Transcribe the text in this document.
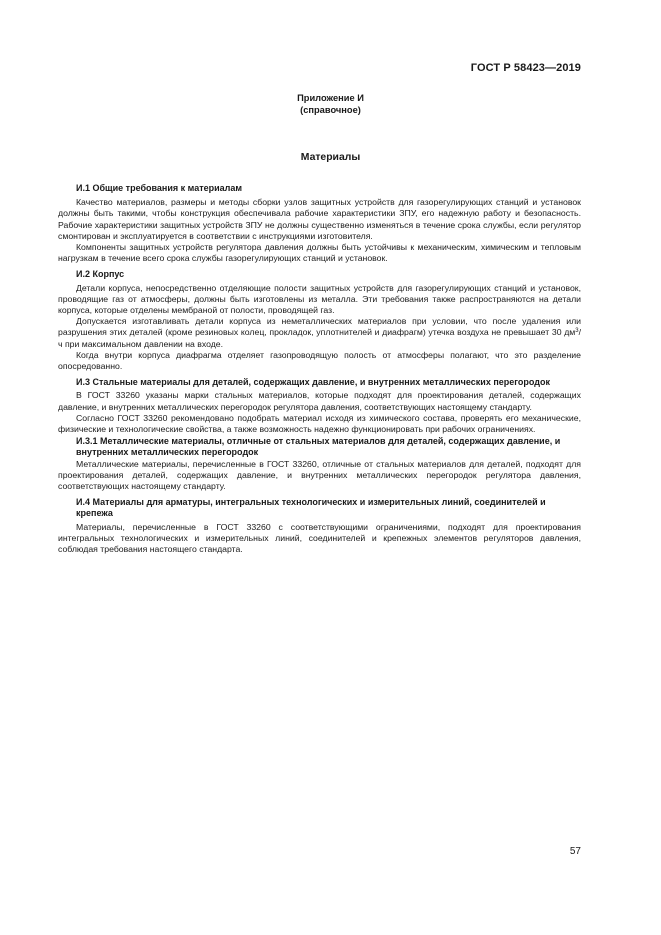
ГОСТ Р 58423—2019
Приложение И
(справочное)
Материалы
И.1 Общие требования к материалам

Качество материалов, размеры и методы сборки узлов защитных устройств для газорегулирующих станций и установок должны быть такими, чтобы конструкция обеспечивала рабочие характеристики ЗПУ, его надежную работу и безопасность. Рабочие характеристики защитных устройств ЗПУ не должны существенно изменяться в течение срока службы, если регулятор смонтирован и эксплуатируется в соответствии с инструкциями изготовителя.

Компоненты защитных устройств регулятора давления должны быть устойчивы к механическим, химическим и тепловым нагрузкам в течение всего срока службы газорегулирующих станций и установок.

И.2 Корпус

Детали корпуса, непосредственно отделяющие полости защитных устройств для газорегулирующих станций и установок, проводящие газ от атмосферы, должны быть изготовлены из металла. Эти требования также распространяются на детали корпуса, которые отделены мембраной от полости, проводящей газ.

Допускается изготавливать детали корпуса из неметаллических материалов при условии, что после удаления или разрушения этих деталей (кроме резиновых колец, прокладок, уплотнителей и диафрагм) утечка воздуха не превышает 30 $дм^3/ч$ при максимальном давлении на входе.

Когда внутри корпуса диафрагма отделяет газопроводящую полость от атмосферы полагают, что это разделение опосредованно.

И.3 Стальные материалы для деталей, содержащих давление, и внутренних металлических перегородок

В ГОСТ 33260 указаны марки стальных материалов, которые подходят для проектирования деталей, содержащих давление, и внутренних металлических перегородок регулятора давления, соответствующих настоящему стандарту.

Согласно ГОСТ 33260 рекомендовано подобрать материал исходя из химического состава, проверять его механические, физические и технологические свойства, а также возможность надежно функционировать при рабочих ограничениях.

И.3.1 Металлические материалы, отличные от стальных материалов для деталей, содержащих давление, и внутренних металлических перегородок

Металлические материалы, перечисленные в ГОСТ 33260, отличные от стальных материалов для деталей, подходят для проектирования деталей, содержащих давление, и внутренних металлических перегородок регулятора давления, соответствующих настоящему стандарту.

И.4 Материалы для арматуры, интегральных технологических и измерительных линий, соединителей и крепежа

Материалы, перечисленные в ГОСТ 33260 с соответствующими ограничениями, подходят для проектирования интегральных технологических и измерительных линий, соединителей и крепежных элементов регуляторов давления, соблюдая требования настоящего стандарта.

57
